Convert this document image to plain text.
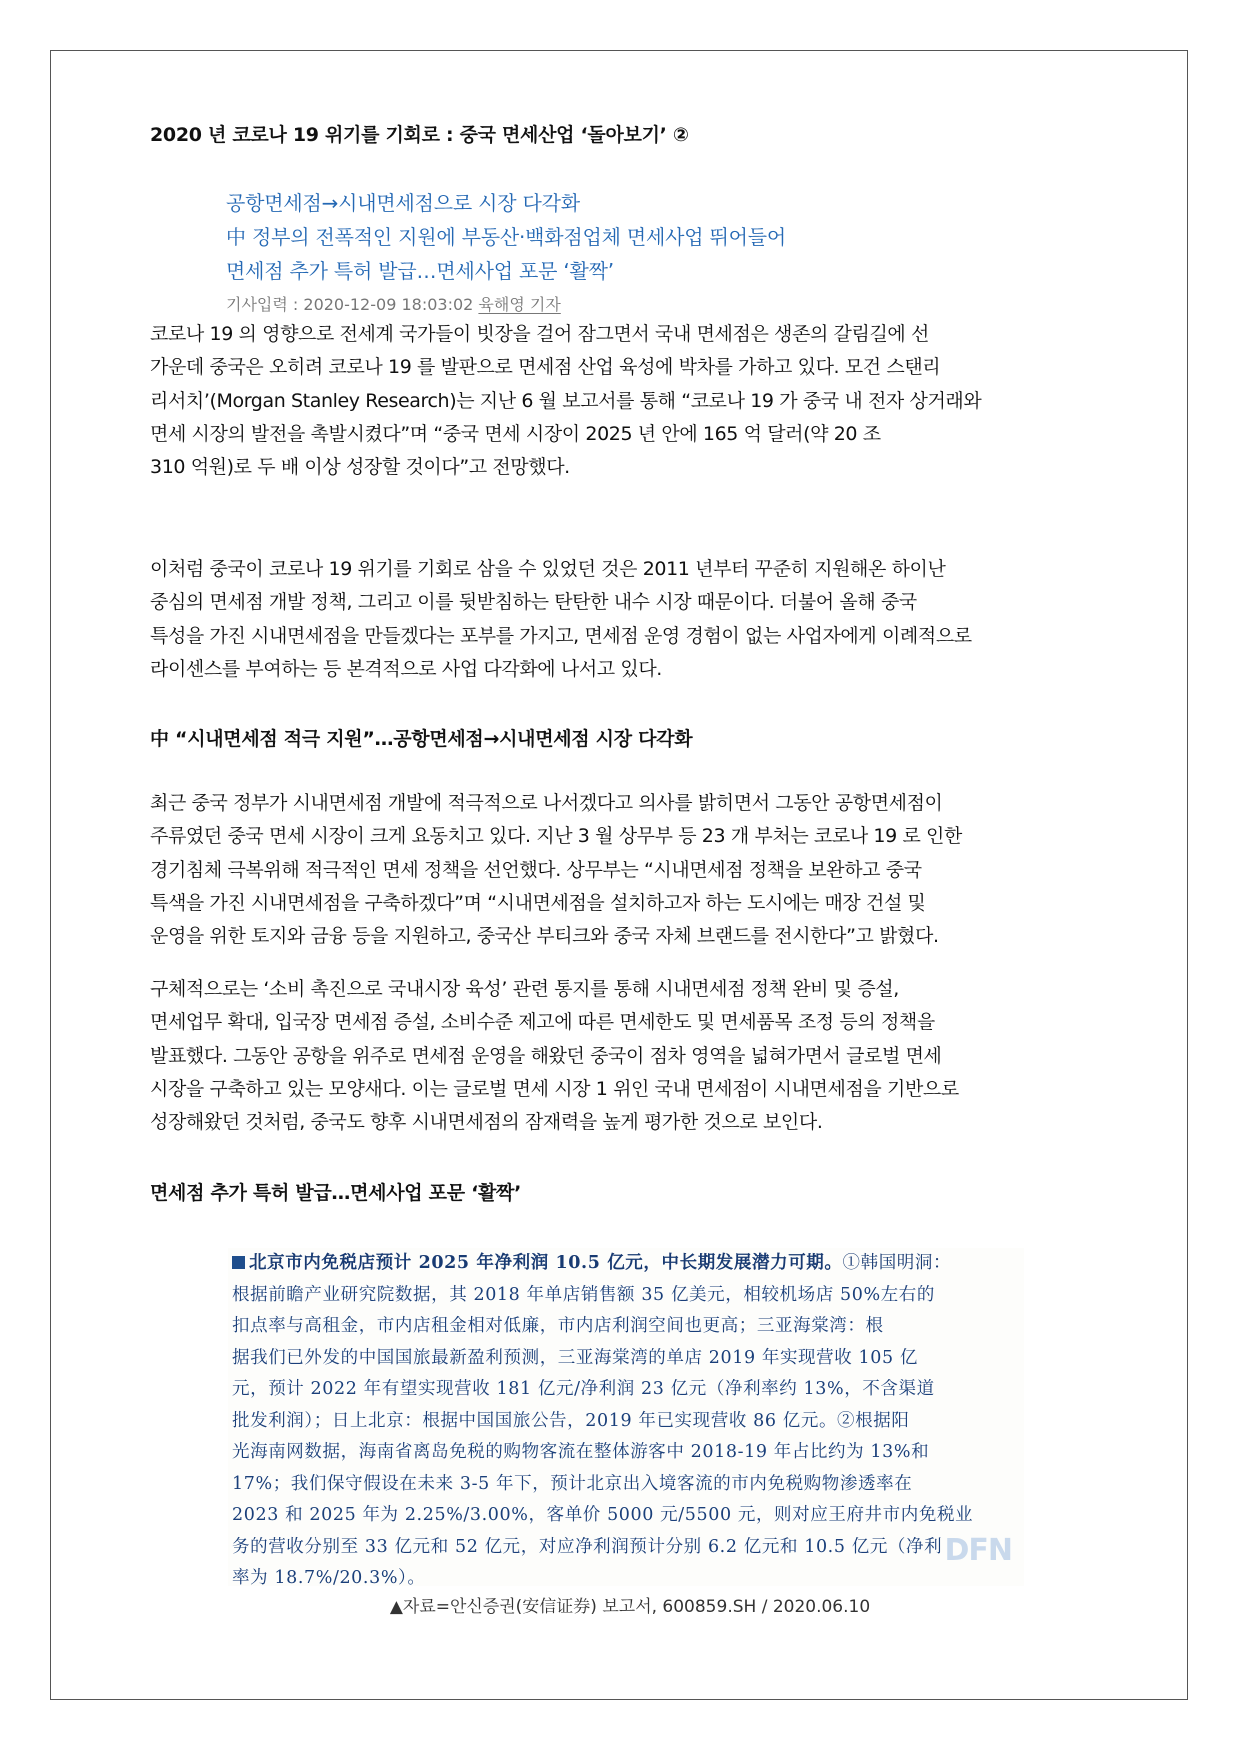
2020 년 코로나 19 위기를 기회로 : 중국 면세산업 ‘돌아보기’ ②
공항면세점→시내면세점으로 시장 다각화
中 정부의 전폭적인 지원에 부동산·백화점업체 면세사업 뛰어들어
면세점 추가 특허 발급…면세사업 포문 ‘활짝’
기사입력 : 2020-12-09 18:03:02 육해영 기자
코로나 19 의 영향으로 전세계 국가들이 빗장을 걸어 잠그면서 국내 면세점은 생존의 갈림길에 선
가운데 중국은 오히려 코로나 19 를 발판으로 면세점 산업 육성에 박차를 가하고 있다. 모건 스탠리
리서치’(Morgan Stanley Research)는 지난 6 월 보고서를 통해 “코로나 19 가 중국 내 전자 상거래와
면세 시장의 발전을 촉발시켰다”며 “중국 면세 시장이 2025 년 안에 165 억 달러(약 20 조
310 억원)로 두 배 이상 성장할 것이다”고 전망했다.
이처럼 중국이 코로나 19 위기를 기회로 삼을 수 있었던 것은 2011 년부터 꾸준히 지원해온 하이난
중심의 면세점 개발 정책, 그리고 이를 뒷받침하는 탄탄한 내수 시장 때문이다. 더불어 올해 중국
특성을 가진 시내면세점을 만들겠다는 포부를 가지고, 면세점 운영 경험이 없는 사업자에게 이례적으로
라이센스를 부여하는 등 본격적으로 사업 다각화에 나서고 있다.
中 “시내면세점 적극 지원”…공항면세점→시내면세점 시장 다각화
최근 중국 정부가 시내면세점 개발에 적극적으로 나서겠다고 의사를 밝히면서 그동안 공항면세점이
주류였던 중국 면세 시장이 크게 요동치고 있다. 지난 3 월 상무부 등 23 개 부처는 코로나 19 로 인한
경기침체 극복위해 적극적인 면세 정책을 선언했다. 상무부는 “시내면세점 정책을 보완하고 중국
특색을 가진 시내면세점을 구축하겠다”며 “시내면세점을 설치하고자 하는 도시에는 매장 건설 및
운영을 위한 토지와 금융 등을 지원하고, 중국산 부티크와 중국 자체 브랜드를 전시한다”고 밝혔다.
구체적으로는 ‘소비 촉진으로 국내시장 육성’ 관련 통지를 통해 시내면세점 정책 완비 및 증설,
면세업무 확대, 입국장 면세점 증설, 소비수준 제고에 따른 면세한도 및 면세품목 조정 등의 정책을
발표했다. 그동안 공항을 위주로 면세점 운영을 해왔던 중국이 점차 영역을 넓혀가면서 글로벌 면세
시장을 구축하고 있는 모양새다. 이는 글로벌 면세 시장 1 위인 국내 면세점이 시내면세점을 기반으로
성장해왔던 것처럼, 중국도 향후 시내면세점의 잠재력을 높게 평가한 것으로 보인다.
면세점 추가 특허 발급…면세사업 포문 ‘활짝’
北京市内免税店预计 2025 年净利润 10.5 亿元，中长期发展潜力可期。①韩国明洞：
根据前瞻产业研究院数据，其 2018 年单店销售额 35 亿美元，相较机场店 50%左右的
扣点率与高租金，市内店租金相对低廉，市内店利润空间也更高；三亚海棠湾：根
据我们已外发的中国国旅最新盈利预测，三亚海棠湾的单店 2019 年实现营收 105 亿
元，预计 2022 年有望实现营收 181 亿元/净利润 23 亿元（净利率约 13%，不含渠道
批发利润）；日上北京：根据中国国旅公告，2019 年已实现营收 86 亿元。②根据阳
光海南网数据，海南省离岛免税的购物客流在整体游客中 2018-19 年占比约为 13%和
17%；我们保守假设在未来 3-5 年下，预计北京出入境客流的市内免税购物渗透率在
2023 和 2025 年为 2.25%/3.00%，客单价 5000 元/5500 元，则对应王府井市内免税业
务的营收分别至 33 亿元和 52 亿元，对应净利润预计分别 6.2 亿元和 10.5 亿元（净利
率为 18.7%/20.3%）。
DFN
▲자료=안신증권(安信证券) 보고서, 600859.SH / 2020.06.10
